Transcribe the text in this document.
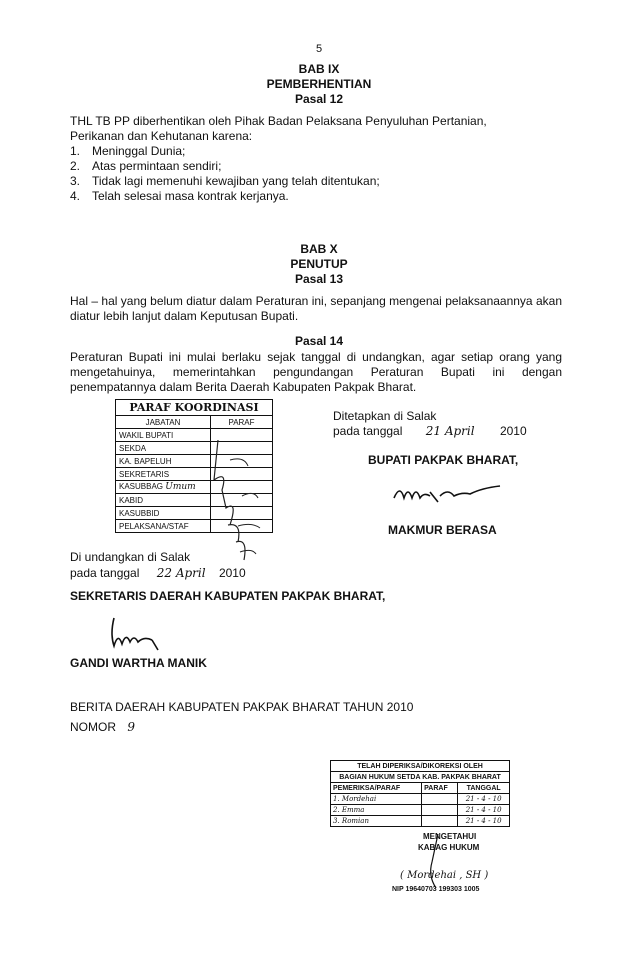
5
BAB IX
PEMBERHENTIAN
Pasal 12
THL TB PP diberhentikan oleh Pihak Badan Pelaksana Penyuluhan Pertanian, Perikanan dan Kehutanan karena:
1. Meninggal Dunia;
2. Atas permintaan sendiri;
3. Tidak lagi memenuhi kewajiban yang telah ditentukan;
4. Telah selesai masa kontrak kerjanya.
BAB X
PENUTUP
Pasal 13
Hal – hal yang belum diatur dalam Peraturan ini, sepanjang mengenai pelaksanaannya akan diatur lebih lanjut dalam Keputusan Bupati.
Pasal 14
Peraturan Bupati ini mulai berlaku sejak tanggal di undangkan, agar setiap orang yang mengetahuinya, memerintahkan pengundangan Peraturan Bupati ini dengan penempatannya dalam Berita Daerah Kabupaten Pakpak Bharat.
PARAF KOORDINASI	
JABATAN	PARAF
WAKIL BUPATI	
SEKDA	
KA. BAPELUH	
SEKRETARIS	
KASUBBAG Umum	
KABID	
KASUBBID	
PELAKSANA/STAF	
Ditetapkan di Salak
pada tanggal 21 April 2010
BUPATI PAKPAK BHARAT,
MAKMUR BERASA
Di undangkan di Salak
pada tanggal 22 April 2010
SEKRETARIS DAERAH KABUPATEN PAKPAK BHARAT,
GANDI WARTHA MANIK
BERITA DAERAH KABUPATEN PAKPAK BHARAT TAHUN 2010
NOMOR 9
TELAH DIPERIKSA/DIKOREKSI OLEH		
BAGIAN HUKUM SETDA KAB. PAKPAK BHARAT		
PEMERIKSA/PARAF	PARAF	TANGGAL
1. Mordehai		21 - 4 - 10
2. Emma		21 - 4 - 10
3. Romian		21 - 4 - 10
MENGETAHUI
KABAG HUKUM
( Mordehai , SH )
NIP 19640703 199303 1005
